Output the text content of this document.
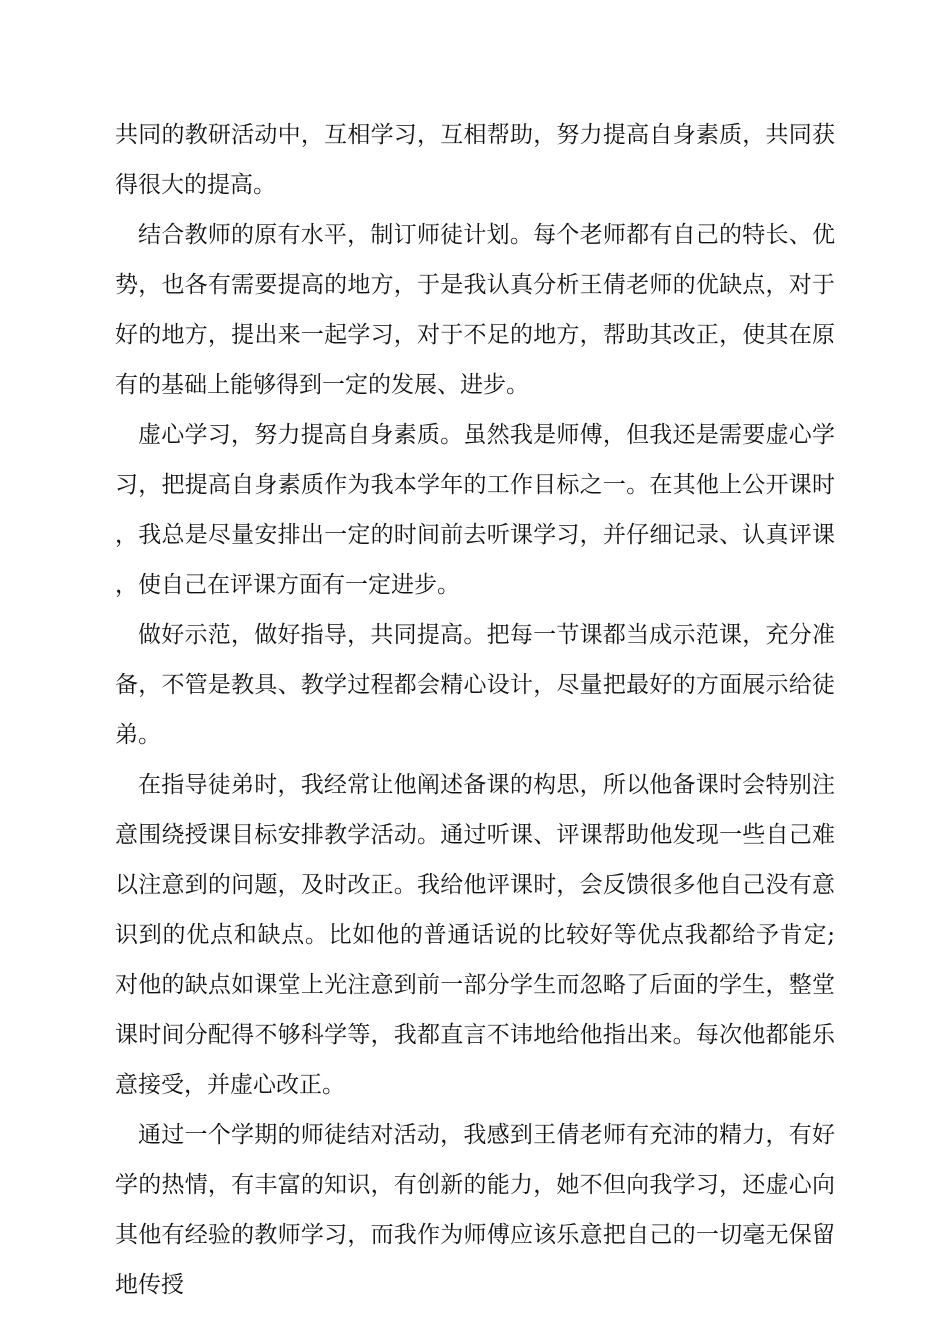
共同的教研活动中，互相学习，互相帮助，努力提高自身素质，共同获得很大的提高。

结合教师的原有水平，制订师徒计划。每个老师都有自己的特长、优势，也各有需要提高的地方，于是我认真分析王倩老师的优缺点，对于好的地方，提出来一起学习，对于不足的地方，帮助其改正，使其在原有的基础上能够得到一定的发展、进步。

虚心学习，努力提高自身素质。虽然我是师傅，但我还是需要虚心学习，把提高自身素质作为我本学年的工作目标之一。在其他上公开课时，我总是尽量安排出一定的时间前去听课学习，并仔细记录、认真评课，使自己在评课方面有一定进步。

做好示范，做好指导，共同提高。把每一节课都当成示范课，充分准备，不管是教具、教学过程都会精心设计，尽量把最好的方面展示给徒弟。

在指导徒弟时，我经常让他阐述备课的构思，所以他备课时会特别注意围绕授课目标安排教学活动。通过听课、评课帮助他发现一些自己难以注意到的问题，及时改正。我给他评课时，会反馈很多他自己没有意识到的优点和缺点。比如他的普通话说的比较好等优点我都给予肯定;对他的缺点如课堂上光注意到前一部分学生而忽略了后面的学生，整堂课时间分配得不够科学等，我都直言不讳地给他指出来。每次他都能乐意接受，并虚心改正。

通过一个学期的师徒结对活动，我感到王倩老师有充沛的精力，有好学的热情，有丰富的知识，有创新的能力，她不但向我学习，还虚心向其他有经验的教师学习，而我作为师傅应该乐意把自己的一切毫无保留地传授
